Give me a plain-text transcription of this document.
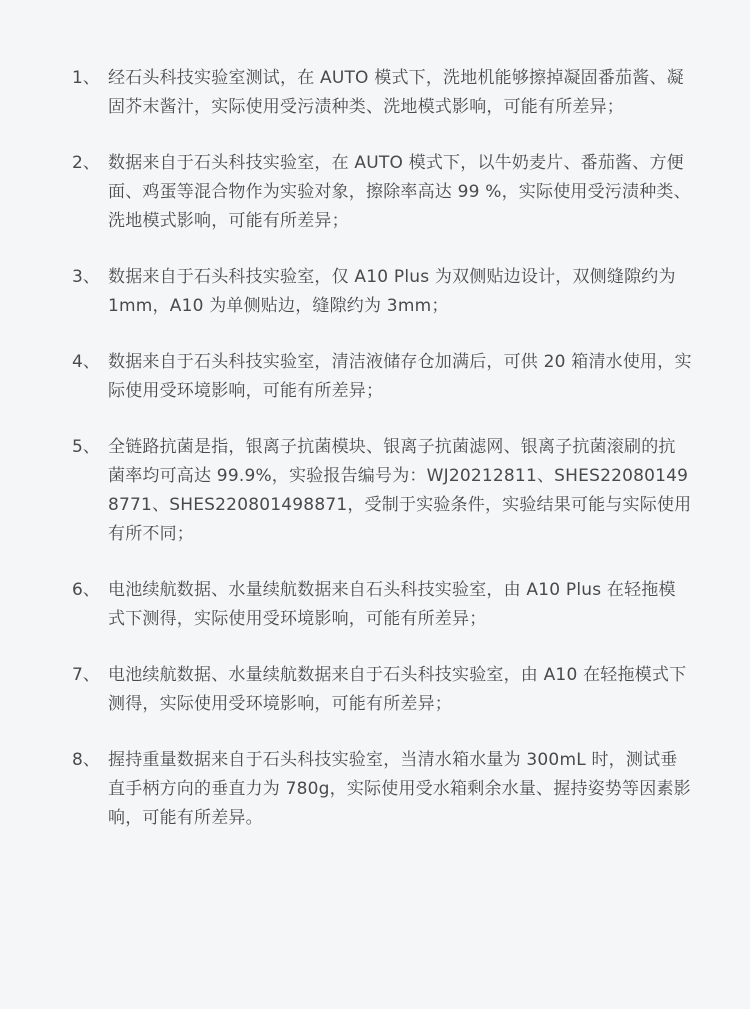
1、 经石头科技实验室测试，在 AUTO 模式下，洗地机能够擦掉凝固番茄酱、凝固芥末酱汁，实际使用受污渍种类、洗地模式影响，可能有所差异；
2、 数据来自于石头科技实验室，在 AUTO 模式下，以牛奶麦片、番茄酱、方便面、鸡蛋等混合物作为实验对象，擦除率高达 99 %，实际使用受污渍种类、洗地模式影响，可能有所差异；
3、 数据来自于石头科技实验室，仅 A10 Plus 为双侧贴边设计，双侧缝隙约为 1mm，A10 为单侧贴边，缝隙约为 3mm；
4、 数据来自于石头科技实验室，清洁液储存仓加满后，可供 20 箱清水使用，实际使用受环境影响，可能有所差异；
5、 全链路抗菌是指，银离子抗菌模块、银离子抗菌滤网、银离子抗菌滚刷的抗菌率均可高达 99.9%，实验报告编号为：WJ20212811、SHES220801498771、SHES220801498871，受制于实验条件，实验结果可能与实际使用有所不同；
6、 电池续航数据、水量续航数据来自石头科技实验室，由 A10 Plus 在轻拖模式下测得，实际使用受环境影响，可能有所差异；
7、 电池续航数据、水量续航数据来自于石头科技实验室，由 A10 在轻拖模式下测得，实际使用受环境影响，可能有所差异；
8、 握持重量数据来自于石头科技实验室，当清水箱水量为 300mL 时，测试垂直手柄方向的垂直力为 780g，实际使用受水箱剩余水量、握持姿势等因素影响，可能有所差异。
